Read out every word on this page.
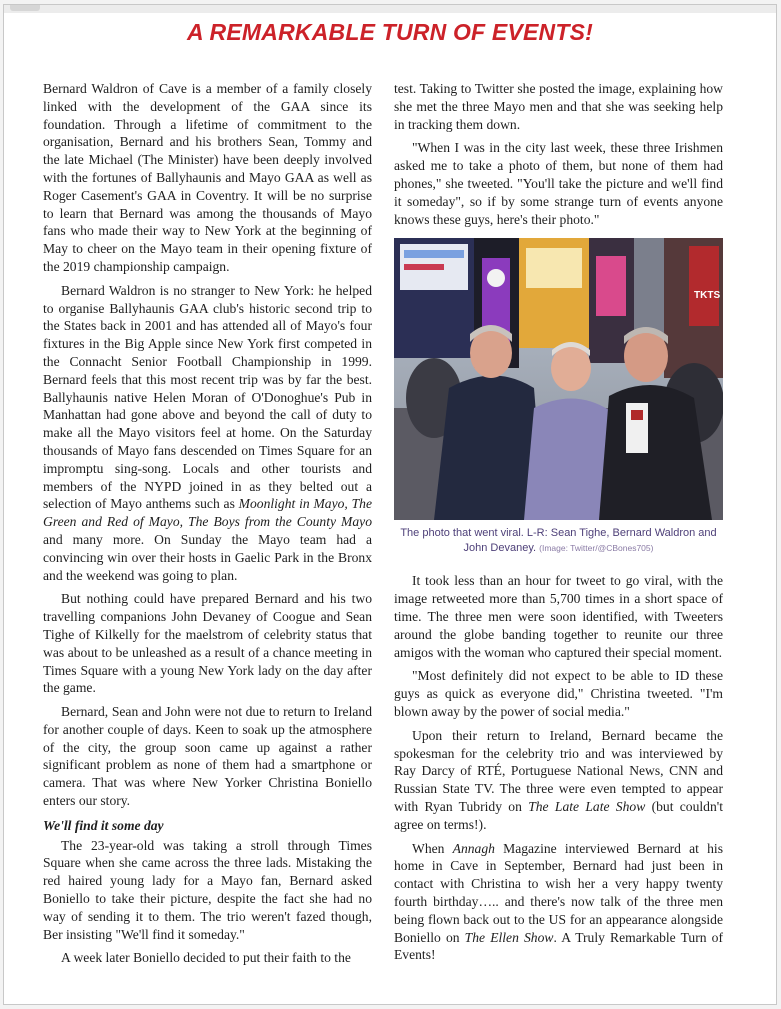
A REMARKABLE TURN OF EVENTS!

Bernard Waldron of Cave is a member of a family closely linked with the development of the GAA since its foundation. Through a lifetime of commitment to the organisation, Bernard and his brothers Sean, Tommy and the late Michael (The Minister) have been deeply involved with the fortunes of Ballyhaunis and Mayo GAA as well as Roger Casement's GAA in Coventry. It will be no surprise to learn that Bernard was among the thousands of Mayo fans who made their way to New York at the beginning of May to cheer on the Mayo team in their opening fixture of the 2019 championship campaign.

Bernard Waldron is no stranger to New York: he helped to organise Ballyhaunis GAA club's historic second trip to the States back in 2001 and has attended all of Mayo's four fixtures in the Big Apple since New York first competed in the Connacht Senior Football Championship in 1999. Bernard feels that this most recent trip was by far the best. Ballyhaunis native Helen Moran of O'Donoghue's Pub in Manhattan had gone above and beyond the call of duty to make all the Mayo visitors feel at home. On the Saturday thousands of Mayo fans descended on Times Square for an impromptu sing-song. Locals and other tourists and members of the NYPD joined in as they belted out a selection of Mayo anthems such as Moonlight in Mayo, The Green and Red of Mayo, The Boys from the County Mayo and many more. On Sunday the Mayo team had a convincing win over their hosts in Gaelic Park in the Bronx and the weekend was going to plan.

But nothing could have prepared Bernard and his two travelling companions John Devaney of Coogue and Sean Tighe of Kilkelly for the maelstrom of celebrity status that was about to be unleashed as a result of a chance meeting in Times Square with a young New York lady on the day after the game.

Bernard, Sean and John were not due to return to Ireland for another couple of days. Keen to soak up the atmosphere of the city, the group soon came up against a rather significant problem as none of them had a smartphone or camera. That was where New Yorker Christina Boniello enters our story.

We'll find it some day

The 23-year-old was taking a stroll through Times Square when she came across the three lads. Mistaking the red haired young lady for a Mayo fan, Bernard asked Boniello to take their picture, despite the fact she had no way of sending it to them. The trio weren't fazed though, Ber insisting "We'll find it someday."

A week later Boniello decided to put their faith to the

test. Taking to Twitter she posted the image, explaining how she met the three Mayo men and that she was seeking help in tracking them down.

"When I was in the city last week, these three Irishmen asked me to take a photo of them, but none of them had phones," she tweeted. "You'll take the picture and we'll find it someday", so if by some strange turn of events anyone knows these guys, here's their photo."

TKTS
The photo that went viral. L-R: Sean Tighe, Bernard Waldron and John Devaney. (Image: Twitter/@CBones705)

It took less than an hour for tweet to go viral, with the image retweeted more than 5,700 times in a short space of time. The three men were soon identified, with Tweeters around the globe banding together to reunite our three amigos with the woman who captured their special moment.

"Most definitely did not expect to be able to ID these guys as quick as everyone did," Christina tweeted. "I'm blown away by the power of social media."

Upon their return to Ireland, Bernard became the spokesman for the celebrity trio and was interviewed by Ray Darcy of RTÉ, Portuguese National News, CNN and Russian State TV. The three were even tempted to appear with Ryan Tubridy on The Late Late Show (but couldn't agree on terms!).

When Annagh Magazine interviewed Bernard at his home in Cave in September, Bernard had just been in contact with Christina to wish her a very happy twenty fourth birthday….. and there's now talk of the three men being flown back out to the US for an appearance alongside Boniello on The Ellen Show. A Truly Remarkable Turn of Events!
